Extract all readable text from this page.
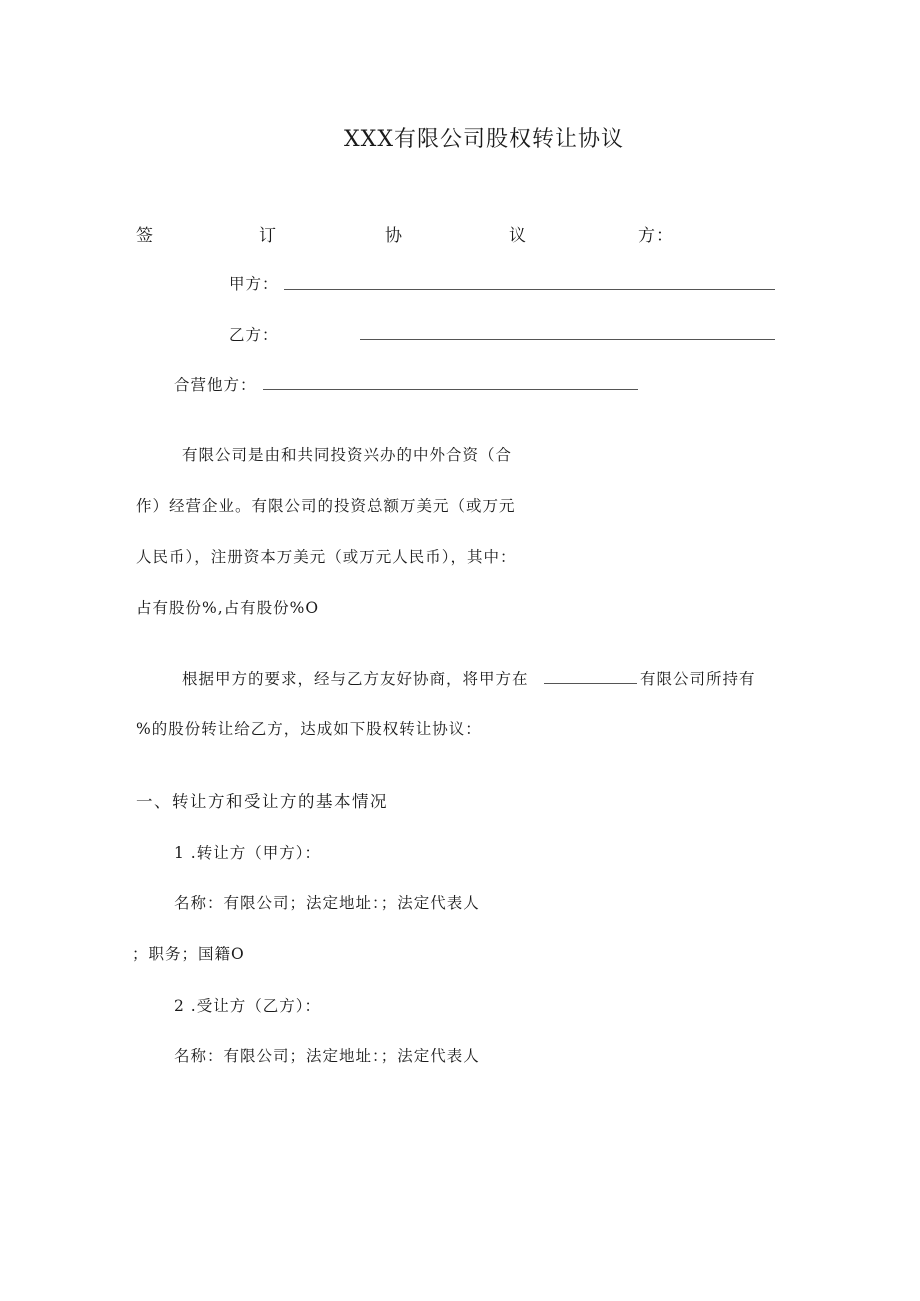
XXX有限公司股权转让协议
签	订	协	议	方：
甲方：
乙方：
合营他方：
有限公司是由和共同投资兴办的中外合资（合
作）经营企业。有限公司的投资总额万美元（或万元
人民币），注册资本万美元（或万元人民币），其中：
占有股份%,占有股份%O
根据甲方的要求，经与乙方友好协商，将甲方在	有限公司所持有
%的股份转让给乙方，达成如下股权转让协议：
一、转让方和受让方的基本情况
1 .转让方（甲方）：
名称：有限公司；法定地址：；法定代表人
；职务；国籍O
2 .受让方（乙方）：
名称：有限公司；法定地址：；法定代表人
